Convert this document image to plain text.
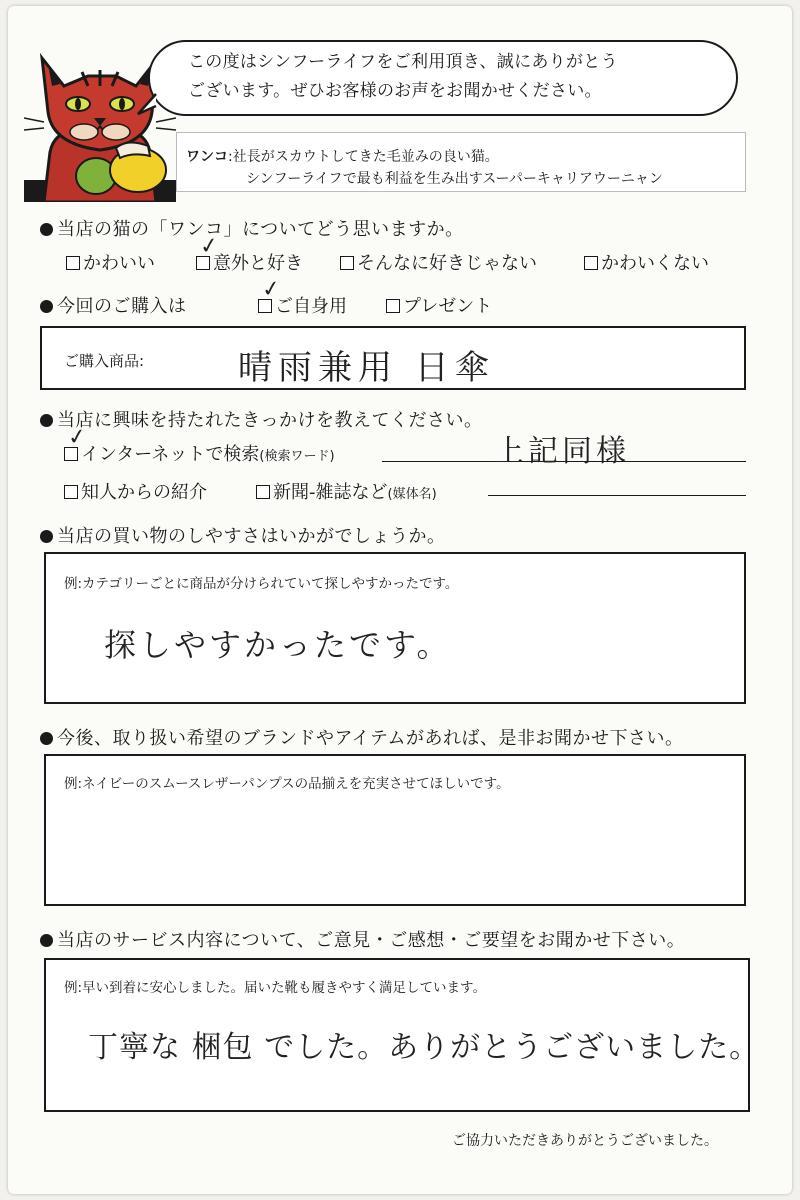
この度はシンフーライフをご利用頂き、誠にありがとう
ございます。ぜひお客様のお声をお聞かせください。
ワンコ:社長がスカウトしてきた毛並みの良い猫。
シンフーライフで最も利益を生み出すスーパーキャリアウーニャン
当店の猫の「ワンコ」についてどう思いますか。
かわいい	意外と好き
✓
そんなに好きじゃない	かわいくない
今回のご購入は	ご自身用
✓
プレゼント
ご購入商品:	晴雨兼用 日傘
当店に興味を持たれたきっかけを教えてください。
インターネットで検索(検索ワード)
✓	上記同様
知人からの紹介	新聞-雑誌など(媒体名)
当店の買い物のしやすさはいかがでしょうか。
例:カテゴリーごとに商品が分けられていて探しやすかったです。
探しやすかったです。
今後、取り扱い希望のブランドやアイテムがあれば、是非お聞かせ下さい。
例:ネイビーのスムースレザーパンプスの品揃えを充実させてほしいです。
当店のサービス内容について、ご意見・ご感想・ご要望をお聞かせ下さい。
例:早い到着に安心しました。届いた靴も履きやすく満足しています。
丁寧な 梱包 でした。ありがとうございました。
ご協力いただきありがとうございました。
